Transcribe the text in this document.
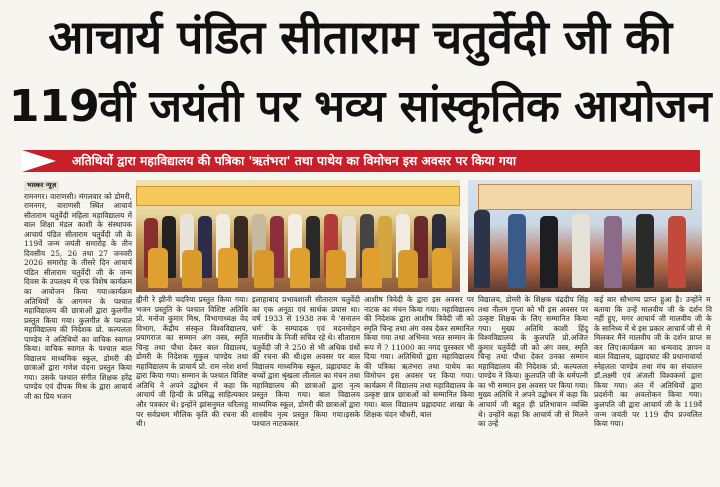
आचार्य पंडित सीताराम चतुर्वेदी जी की
119वीं जयंती पर भव्य सांस्कृतिक आयोजन
अतिथियों द्वारा महाविद्यालय की पत्रिका 'ऋतंभरा' तथा पाथेय का विमोचन इस अवसर पर किया गया
भास्कर न्यूज़
रामनगर। वाराणसी। मंगलवार को डोमरी, रामनगर, वाराणसी स्थित आचार्य सीताराम चतुर्वेदी महिला महाविद्यालय में बाल शिक्षा मंडल काशी के संस्थापक आचार्य पंडित सीताराम चतुर्वेदी जी के 119वें जन्म जयंती समारोह के तीन दिवसीय 25, 26 तथा 27 जनवरी 2026 समारोह के तीसरे दिन आचार्य पंडित सीताराम चतुर्वेदी जी के जन्म दिवस के उपलक्ष्य में एक विशेष कार्यक्रम का आयोजन किया गया।कार्यक्रम अतिथियों के आगमन के पश्चात महाविद्यालय की छात्राओं द्वारा कुलगीत प्रस्तुत किया गया। कुलगीत के पश्चात महाविद्यालय की निदेशक प्रो. कल्पलता पाण्डेय ने अतिथियों का वाचिक स्वागत किया। वाचिक स्वागत के पश्चात बाल विद्यालय माध्यमिक स्कूल, डोमरी की छात्राओं द्वारा गणेश वंदना प्रस्तुत किया गया। उसके पश्चात संगीत शिक्षक हरेंद्र पाण्डेय एवं दीपक मिश्र के द्वारा आचार्य जी का प्रिय भजन
ह्वीनी रे झीनी चदरिया प्रस्तुत किया गया। भजन प्रस्तुति के पश्चात विशिष्ट अतिथि प्रो. मनोज कुमार मिश्र, विभागाध्यक्ष वेद विभाग, केंद्रीय संस्कृत विश्वविद्यालय, प्रयागराज का सम्मान अंग वस्त्र, स्मृति चिन्ह तथा पौधा देकर बाल विद्यालय, डोमरी के निदेशक मुकुल पाण्डेय तथा महाविद्यालय के प्राचार्य प्रो. राम नरेश शर्मा द्वारा किया गया। सम्मान के पश्चात विशिष्ट अतिथि ने अपने उद्बोधन में कहा कि आचार्य जी हिन्दी के प्रसिद्ध साहित्यकार और पत्रकार थे। इन्होंने झांसनुमत चरितरहु पर सर्वप्रथम मौलिक कृति की रचना की थी।
इलाहाबाद प्रभावशाली सीताराम चतुर्वेदी का एक अनूठा एवं सार्थक प्रयास था। वर्ष 1933 से 1938 तक ये 'सनातन धर्म' के सम्पादक एवं मदनमोहन मालवीय के निजी सचिव रहे थे। सीताराम चतुर्वेदी जी ने 250 से भी अधिक ग्रंथों की रचना की थी।इस अवसर पर बाल विद्यालय माध्यमिक स्कूल, प्रह्लादघाट के बच्चों द्वारा श्रृंखला लीलाल का मंचन तथा महाविद्यालय की छात्राओं द्वारा नृत्य प्रस्तुत किया गया। बाल विद्यालय माध्यमिक स्कूल, डोमरी की छात्राओं द्वारा शास्त्रीय नृत्य प्रस्तुत किया गया।इसके पश्चात नाटककार
आशीष त्रिवेदी के द्वारा इस अवसर पर नाटक का मंचन किया गया। महाविद्यालय की निदेशक द्वारा आशीष त्रिवेदी जी को स्मृति चिन्ह तथा अंग वस्त्र देकर सम्मानित किया गया तथा अभिनव भरत सम्मान के रूप में ? 11000 का नगद पुरस्कार भी दिया गया। अतिथियों द्वारा महाविद्यालय की पत्रिका ऋतंभरा तथा पाथेय का विमोचन इस अवसर पर किया गया।कार्यक्रम में विद्यालय तथा महाविद्यालय के उत्कृष्ट छात्र छात्राओं को सम्मानित किया गया। बाल विद्यालय प्रह्लादघाट शाखा के शिक्षक चंदन चौधरी, बाल
विद्यालय, डोमरी के शिक्षक चंद्रदीप सिंह तथा नीलम गुप्ता को भी इस अवसर पर उत्कृष्ट शिक्षक के लिए सम्मानित किया गया। मुख्य अतिथि काशी हिंदू विश्वविद्यालय के कुलपति प्रो.अजित कुमार चतुर्वेदी जी को अंग वस्त्र, स्मृति चिन्ह तथा पौधा देकर उनका सम्मान महाविद्यालय की निदेशक प्रो. कल्पलता पाण्डेय ने किया। कुलपति जी के धर्मपत्नी का भी सम्मान इस अवसर पर किया गया।मुख्य अतिथि ने अपने उद्बोधन में कहा कि आचार्य जी बहुत ही प्रतिभावान व्यक्ति थे। उन्होंने कहा कि आचार्य जी से मिलने का उन्हें
कई बार सौभाग्य प्राप्त हुआ है। उन्होंने बताया कि उन्हें मालवीय जी के दर्शन नहीं हुए, मगर आचार्य जी मालवीय जी के सानिध्य में थे इस प्रकार आचार्य जी से मिलकर मैंने मालवीय जी के दर्शन प्राप्त कर लिए।कार्यक्रम का धन्यवाद ज्ञापन बाल विद्यालय, प्रह्लादघाट की प्रधानाचार्या स्नेहलता पाण्डेय तथा मंच का संचालन डॉ.लक्ष्मी एवं अंजली विश्वकर्मा द्वारा किया गया। अंत में अतिथियों द्वारा प्रदर्शनी का अवलोकन किया गया। कुलपति जी द्वारा आचार्य जी के 119वें जन्म जयंती पर 119 दीप प्रज्वलित किया गया।
म वि के मे स व
